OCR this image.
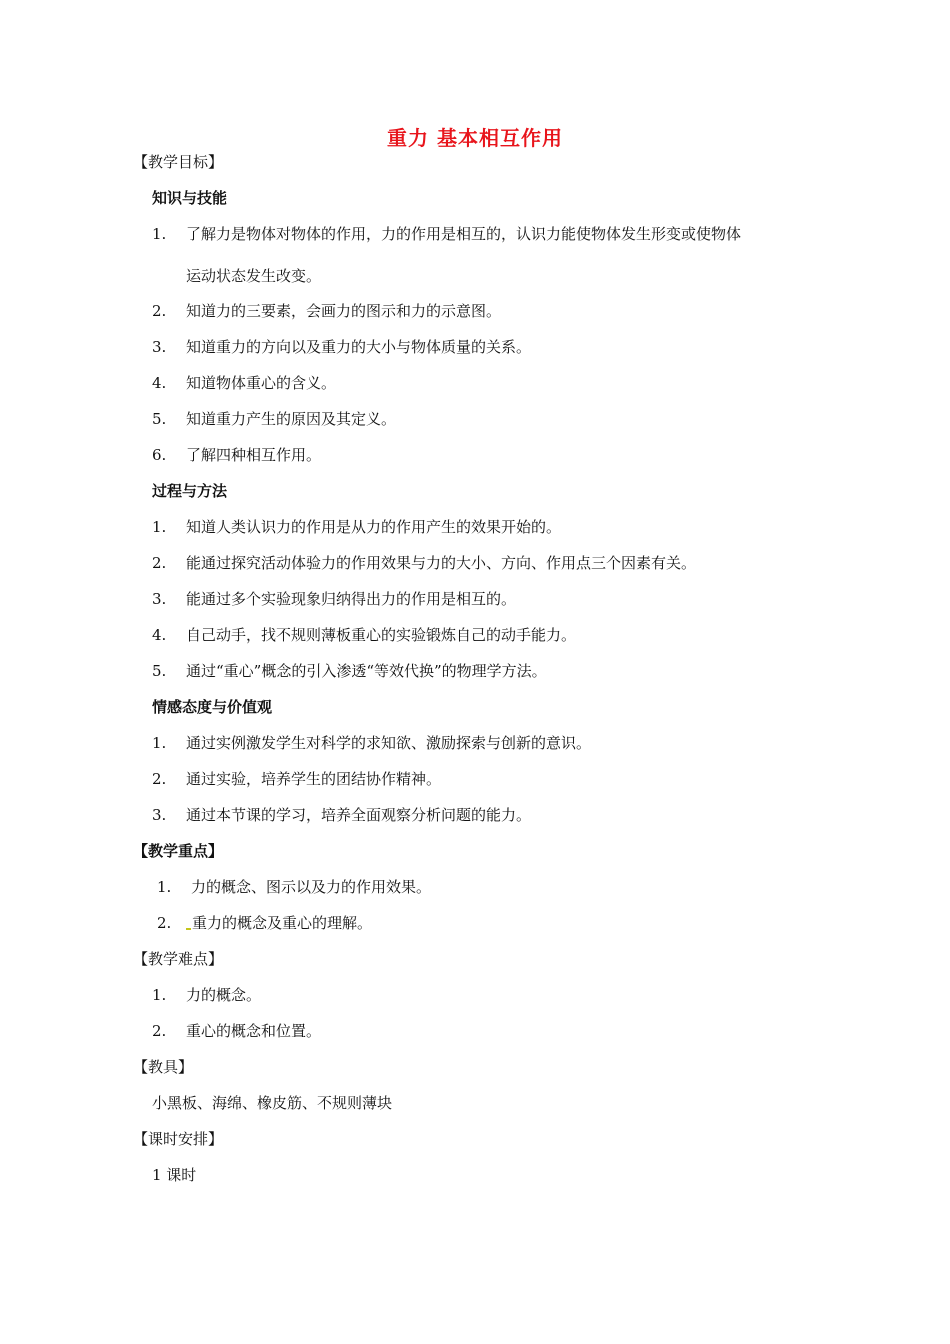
重力 基本相互作用
【教学目标】
知识与技能
1. 了解力是物体对物体的作用，力的作用是相互的，认识力能使物体发生形变或使物体
运动状态发生改变。
2. 知道力的三要素，会画力的图示和力的示意图。
3. 知道重力的方向以及重力的大小与物体质量的关系。
4. 知道物体重心的含义。
5. 知道重力产生的原因及其定义。
6. 了解四种相互作用。
过程与方法
1. 知道人类认识力的作用是从力的作用产生的效果开始的。
2. 能通过探究活动体验力的作用效果与力的大小、方向、作用点三个因素有关。
3. 能通过多个实验现象归纳得出力的作用是相互的。
4. 自己动手，找不规则薄板重心的实验锻炼自己的动手能力。
5. 通过“重心”概念的引入渗透“等效代换”的物理学方法。
情感态度与价值观
1. 通过实例激发学生对科学的求知欲、激励探索与创新的意识。
2. 通过实验，培养学生的团结协作精神。
3. 通过本节课的学习，培养全面观察分析问题的能力。
【教学重点】
1. 力的概念、图示以及力的作用效果。
2.	重力的概念及重心的理解。
【教学难点】
1. 力的概念。
2. 重心的概念和位置。
【教具】
小黑板、海绵、橡皮筋、不规则薄块
【课时安排】
1 课时
